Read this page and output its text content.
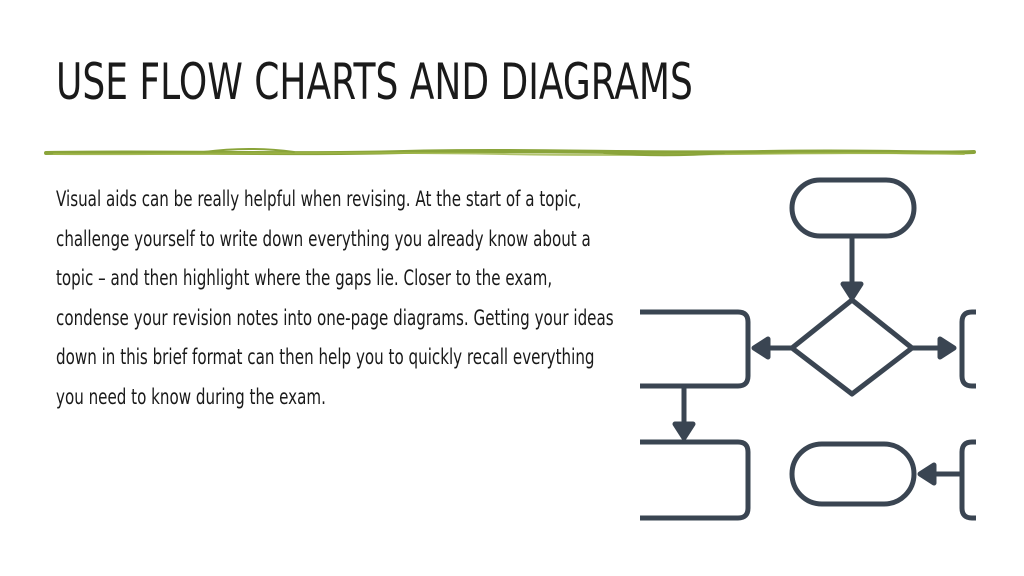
USE FLOW CHARTS AND DIAGRAMS

Visual aids can be really helpful when revising. At the start of a topic, challenge yourself to write down everything you already know about a topic – and then highlight where the gaps lie. Closer to the exam, condense your revision notes into one-page diagrams. Getting your ideas down in this brief format can then help you to quickly recall everything you need to know during the exam.
